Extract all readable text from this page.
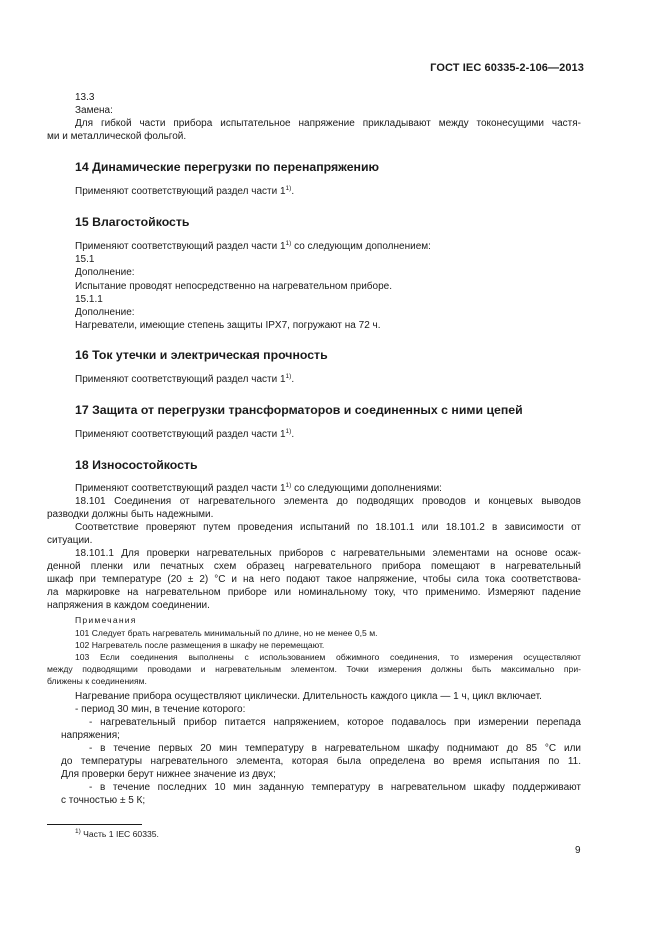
ГОСТ IEC 60335-2-106—2013
13.3
Замена:
Для гибкой части прибора испытательное напряжение прикладывают между токонесущими частя-
ми и металлической фольгой.
14 Динамические перегрузки по перенапряжению
Применяют соответствующий раздел части 1$^{1)}$.
15 Влагостойкость
Применяют соответствующий раздел части 1$^{1)}$ со следующим дополнением:
15.1
Дополнение:
Испытание проводят непосредственно на нагревательном приборе.
15.1.1
Дополнение:
Нагреватели, имеющие степень защиты IPX7, погружают на 72 ч.
16 Ток утечки и электрическая прочность
Применяют соответствующий раздел части 1$^{1)}$.
17 Защита от перегрузки трансформаторов и соединенных с ними цепей
Применяют соответствующий раздел части 1$^{1)}$.
18 Износостойкость
Применяют соответствующий раздел части 1$^{1)}$ со следующими дополнениями:
18.101 Соединения от нагревательного элемента до подводящих проводов и концевых выводов
разводки должны быть надежными.
Соответствие проверяют путем проведения испытаний по 18.101.1 или 18.101.2 в зависимости от
ситуации.
18.101.1 Для проверки нагревательных приборов с нагревательными элементами на основе осаж-
денной пленки или печатных схем образец нагревательного прибора помещают в нагревательный
шкаф при температуре (20 ± 2) °С и на него подают такое напряжение, чтобы сила тока соответствова-
ла маркировке на нагревательном приборе или номинальному току, что применимо. Измеряют падение
напряжения в каждом соединении.
Примечания
101 Следует брать нагреватель минимальный по длине, но не менее 0,5 м.
102 Нагреватель после размещения в шкафу не перемещают.
103 Если соединения выполнены с использованием обжимного соединения, то измерения осуществляют
между подводящими проводами и нагревательным элементом. Точки измерения должны быть максимально при-
ближены к соединениям.
Нагревание прибора осуществляют циклически. Длительность каждого цикла — 1 ч, цикл включает.
- период 30 мин, в течение которого:
- нагревательный прибор питается напряжением, которое подавалось при измерении перепада
напряжения;
- в течение первых 20 мин температуру в нагревательном шкафу поднимают до 85 °С или
до температуры нагревательного элемента, которая была определена во время испытания по 11.
Для проверки берут нижнее значение из двух;
- в течение последних 10 мин заданную температуру в нагревательном шкафу поддерживают
с точностью ± 5 К;
$^{1)}$ Часть 1 IEC 60335.
9
